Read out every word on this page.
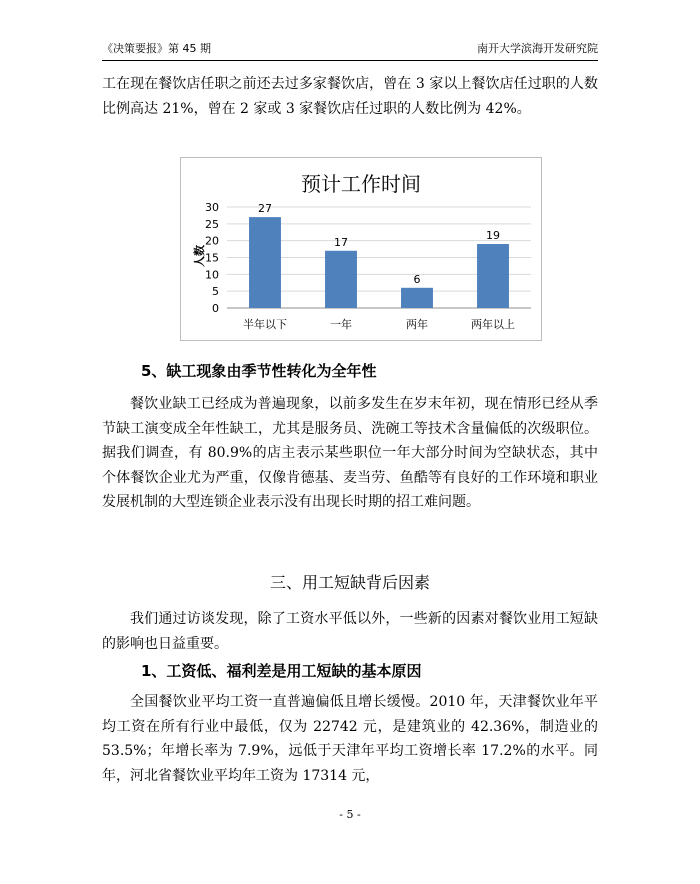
《决策要报》第 45 期	南开大学滨海开发研究院

工在现在餐饮店任职之前还去过多家餐饮店，曾在 3 家以上餐饮店任过职的人数比例高达 21%，曾在 2 家或 3 家餐饮店任过职的人数比例为 42%。

预计工作时间
人数
0
5
10
15
20
25
30	27
17
6
19
半年以下	一年	两年	两年以上
5、缺工现象由季节性转化为全年性

餐饮业缺工已经成为普遍现象，以前多发生在岁末年初，现在情形已经从季节缺工演变成全年性缺工，尤其是服务员、洗碗工等技术含量偏低的次级职位。据我们调查，有 80.9%的店主表示某些职位一年大部分时间为空缺状态，其中个体餐饮企业尤为严重，仅像肯德基、麦当劳、鱼酷等有良好的工作环境和职业发展机制的大型连锁企业表示没有出现长时期的招工难问题。

三、用工短缺背后因素

我们通过访谈发现，除了工资水平低以外，一些新的因素对餐饮业用工短缺的影响也日益重要。

1、工资低、福利差是用工短缺的基本原因

全国餐饮业平均工资一直普遍偏低且增长缓慢。2010 年，天津餐饮业年平均工资在所有行业中最低，仅为 22742 元，是建筑业的 42.36%，制造业的 53.5%；年增长率为 7.9%，远低于天津年平均工资增长率 17.2%的水平。同年，河北省餐饮业平均年工资为 17314 元，

- 5 -
